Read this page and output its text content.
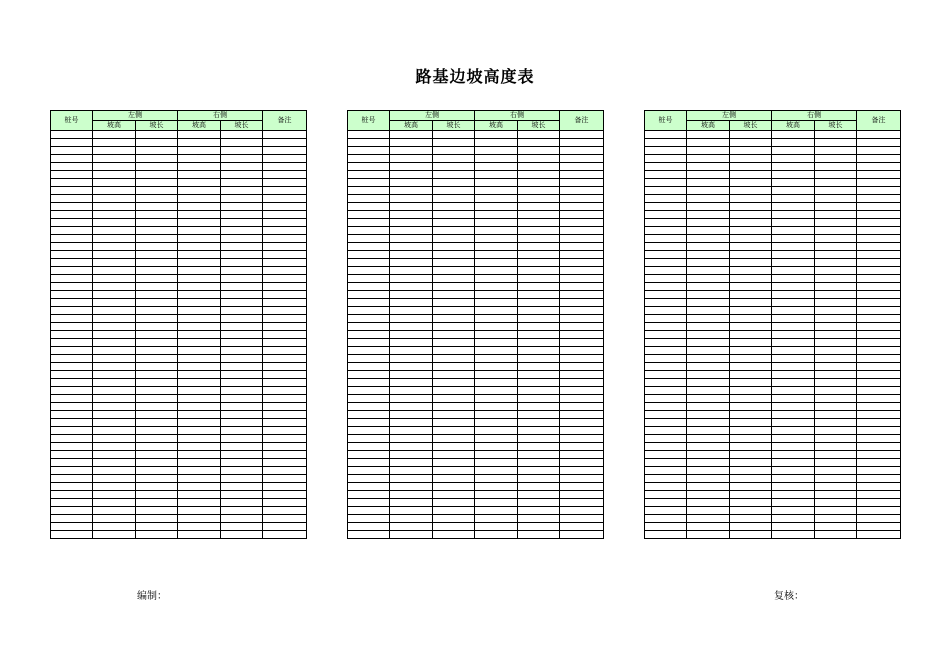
路基边坡高度表
桩号	左侧		右侧		备注
	坡高	坡长	坡高	坡长	

桩号	左侧		右侧		备注
	坡高	坡长	坡高	坡长	

桩号	左侧		右侧		备注
	坡高	坡长	坡高	坡长	

编制：	复核：
